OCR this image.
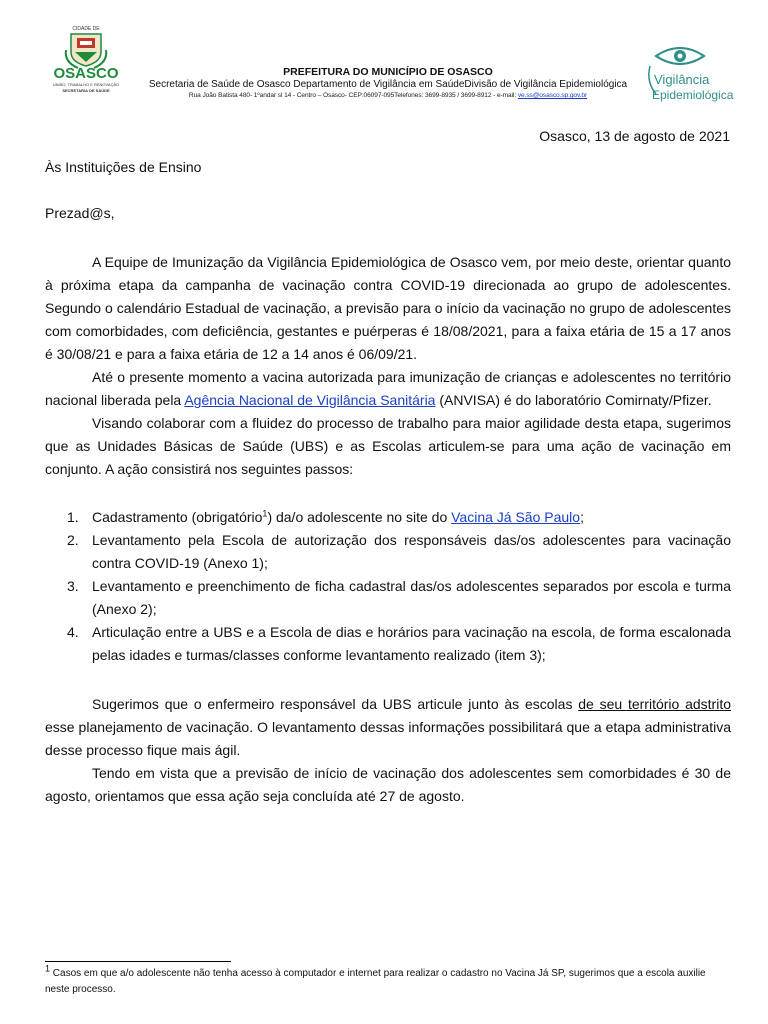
CIDADE DE
OSASCO
UNIÃO, TRABALHO E RENOVAÇÃO
SECRETARIA DE SAÚDE
PREFEITURA DO MUNICÍPIO DE OSASCO
Secretaria de Saúde de Osasco Departamento de Vigilância em SaúdeDivisão de Vigilância Epidemiológica
Rua João Batista 480- 1ºandar sl 14 - Centro – Osasco- CEP:06097-095Telefones: 3699-8935 / 3699-8912 - e-mail: ve.ss@osasco.sp.gov.br
Vigilância
Epidemiológica
Osasco, 13 de agosto de 2021
Às Instituições de Ensino
Prezad@s,

A Equipe de Imunização da Vigilância Epidemiológica de Osasco vem, por meio deste, orientar quanto à próxima etapa da campanha de vacinação contra COVID-19 direcionada ao grupo de adolescentes. Segundo o calendário Estadual de vacinação, a previsão para o início da vacinação no grupo de adolescentes com comorbidades, com deficiência, gestantes e puérperas é 18/08/2021, para a faixa etária de 15 a 17 anos é 30/08/21 e para a faixa etária de 12 a 14 anos é 06/09/21.

Até o presente momento a vacina autorizada para imunização de crianças e adolescentes no território nacional liberada pela Agência Nacional de Vigilância Sanitária (ANVISA) é do laboratório Comirnaty/Pfizer.

Visando colaborar com a fluidez do processo de trabalho para maior agilidade desta etapa, sugerimos que as Unidades Básicas de Saúde (UBS) e as Escolas articulem-se para uma ação de vacinação em conjunto. A ação consistirá nos seguintes passos:

1. Cadastramento (obrigatório$^1$) da/o adolescente no site do Vacina Já São Paulo;
2. Levantamento pela Escola de autorização dos responsáveis das/os adolescentes para vacinação contra COVID-19 (Anexo 1);
3. Levantamento e preenchimento de ficha cadastral das/os adolescentes separados por escola e turma (Anexo 2);
4. Articulação entre a UBS e a Escola de dias e horários para vacinação na escola, de forma escalonada pelas idades e turmas/classes conforme levantamento realizado (item 3);

Sugerimos que o enfermeiro responsável da UBS articule junto às escolas de seu território adstrito esse planejamento de vacinação. O levantamento dessas informações possibilitará que a etapa administrativa desse processo fique mais ágil.

Tendo em vista que a previsão de início de vacinação dos adolescentes sem comorbidades é 30 de agosto, orientamos que essa ação seja concluída até 27 de agosto.

$^1$ Casos em que a/o adolescente não tenha acesso à computador e internet para realizar o cadastro no Vacina Já SP, sugerimos que a escola auxilie neste processo.
